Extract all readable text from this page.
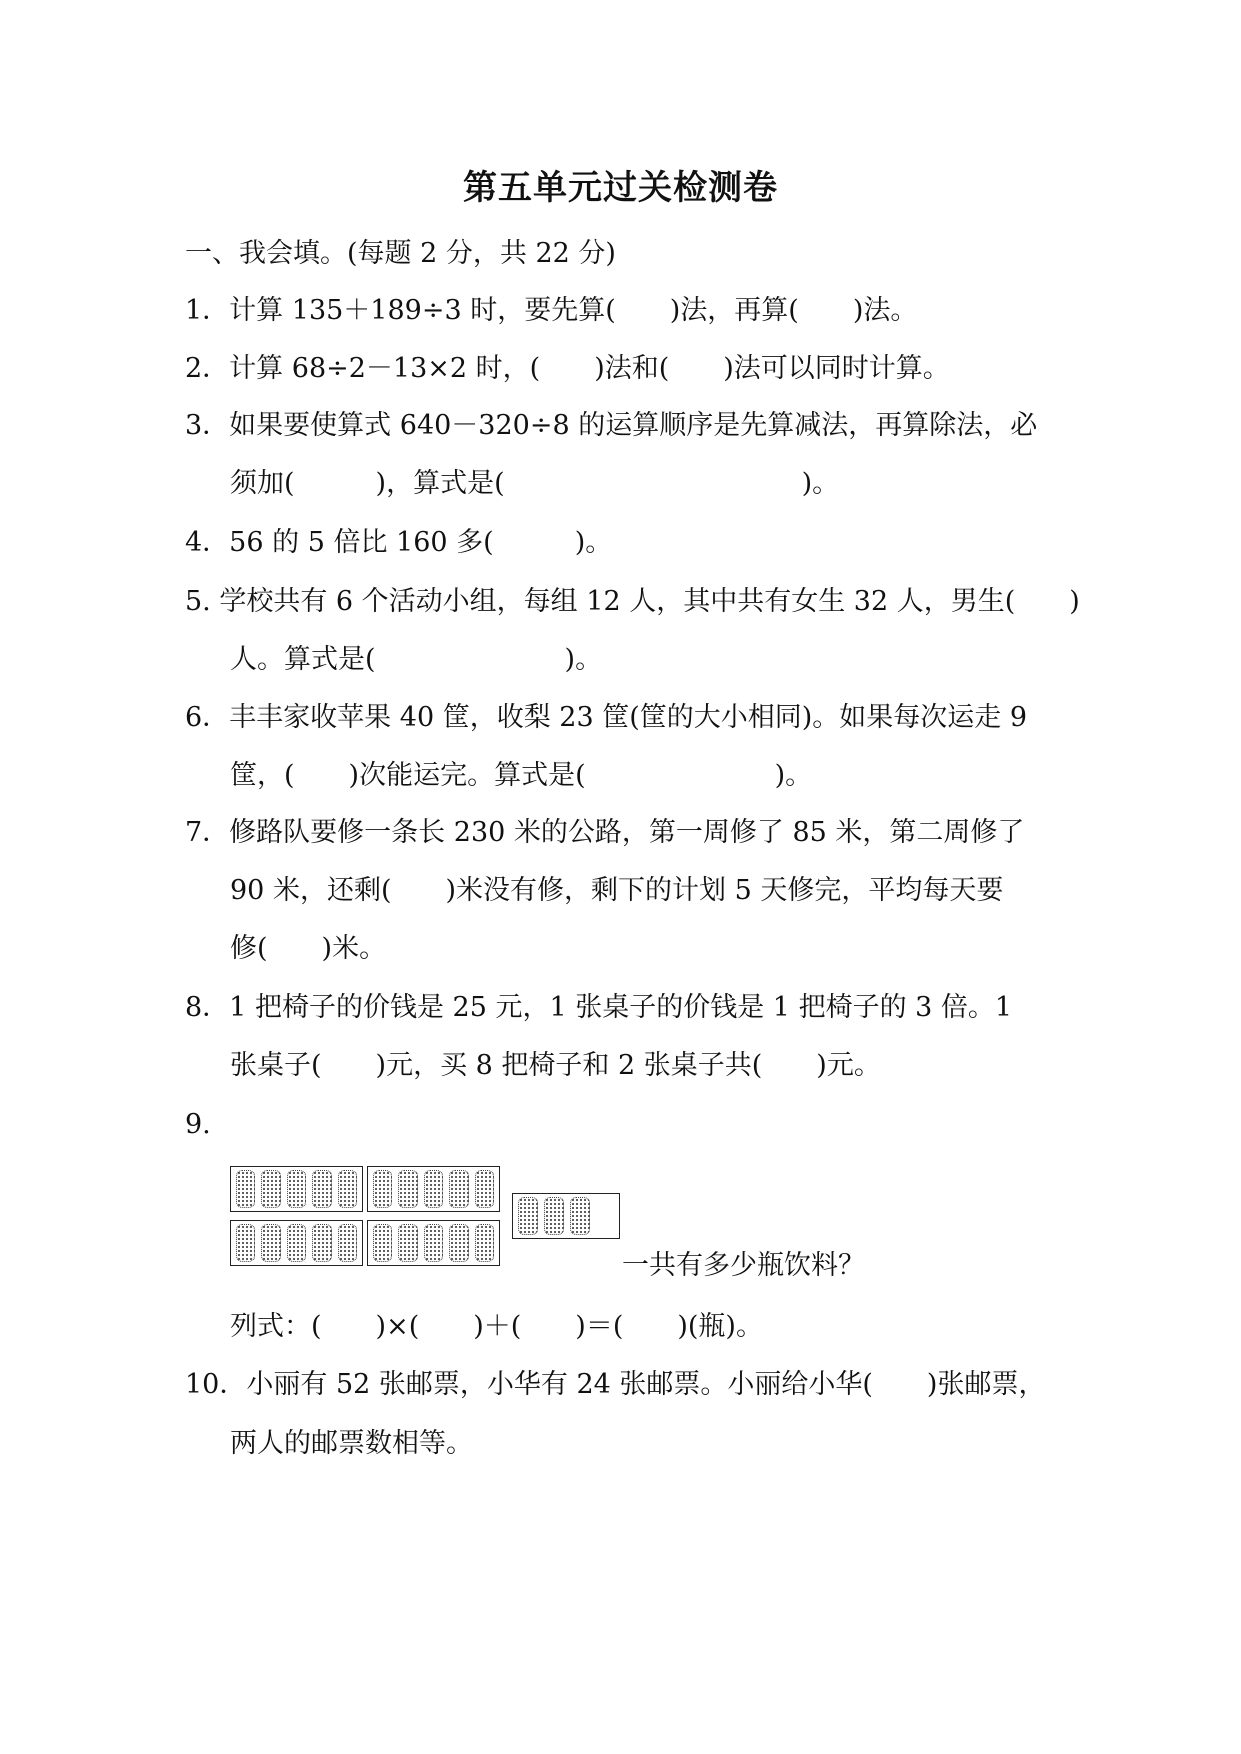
第五单元过关检测卷
一、我会填。(每题 2 分，共 22 分)
1．计算 135＋189÷3 时，要先算(　　)法，再算(　　)法。
2．计算 68÷2－13×2 时，(　　)法和(　　)法可以同时计算。
3．如果要使算式 640－320÷8 的运算顺序是先算减法，再算除法，必
须加(　　　)，算式是(　　　　　　　　　　　)。
4．56 的 5 倍比 160 多(　　　)。
5. 学校共有 6 个活动小组，每组 12 人，其中共有女生 32 人，男生(　　)
人。算式是(　　　　　　　)。
6．丰丰家收苹果 40 筐，收梨 23 筐(筐的大小相同)。如果每次运走 9
筐，(　　)次能运完。算式是(　　　　　　　)。
7．修路队要修一条长 230 米的公路，第一周修了 85 米，第二周修了
90 米，还剩(　　)米没有修，剩下的计划 5 天修完，平均每天要
修(　　)米。
8．1 把椅子的价钱是 25 元，1 张桌子的价钱是 1 把椅子的 3 倍。1
张桌子(　　)元，买 8 把椅子和 2 张桌子共(　　)元。
9.
一共有多少瓶饮料？
列式：(　　)×(　　)＋(　　)＝(　　)(瓶)。
10．小丽有 52 张邮票，小华有 24 张邮票。小丽给小华(　　)张邮票，
两人的邮票数相等。
